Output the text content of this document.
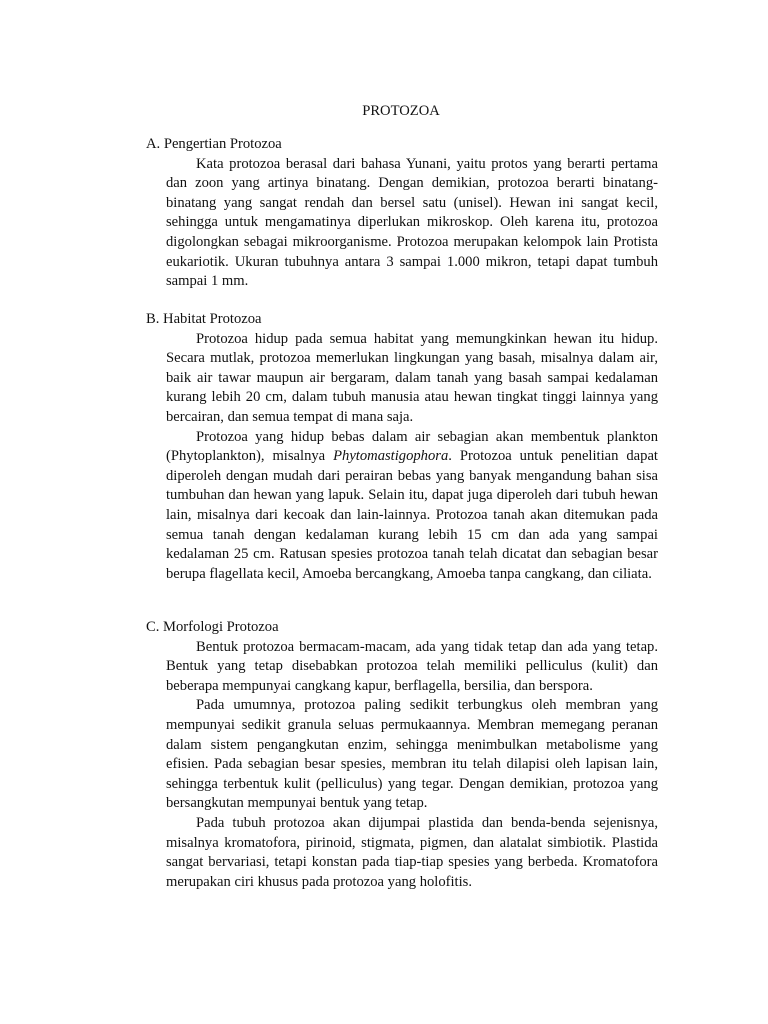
PROTOZOA

A. Pengertian Protozoa

Kata protozoa berasal dari bahasa Yunani, yaitu protos yang berarti pertama dan zoon yang artinya binatang. Dengan demikian, protozoa berarti binatang-binatang yang sangat rendah dan bersel satu (unisel). Hewan ini sangat kecil, sehingga untuk mengamatinya diperlukan mikroskop. Oleh karena itu, protozoa digolongkan sebagai mikroorganisme. Protozoa merupakan kelompok lain Protista eukariotik. Ukuran tubuhnya antara 3 sampai 1.000 mikron, tetapi dapat tumbuh sampai 1 mm.

B. Habitat Protozoa

Protozoa hidup pada semua habitat yang memungkinkan hewan itu hidup. Secara mutlak, protozoa memerlukan lingkungan yang basah, misalnya dalam air, baik air tawar maupun air bergaram, dalam tanah yang basah sampai kedalaman kurang lebih 20 cm, dalam tubuh manusia atau hewan tingkat tinggi lainnya yang bercairan, dan semua tempat di mana saja.

Protozoa yang hidup bebas dalam air sebagian akan membentuk plankton (Phytoplankton), misalnya Phytomastigophora. Protozoa untuk penelitian dapat diperoleh dengan mudah dari perairan bebas yang banyak mengandung bahan sisa tumbuhan dan hewan yang lapuk. Selain itu, dapat juga diperoleh dari tubuh hewan lain, misalnya dari kecoak dan lain-lainnya. Protozoa tanah akan ditemukan pada semua tanah dengan kedalaman kurang lebih 15 cm dan ada yang sampai kedalaman 25 cm. Ratusan spesies protozoa tanah telah dicatat dan sebagian besar berupa flagellata kecil, Amoeba bercangkang, Amoeba tanpa cangkang, dan ciliata.

C. Morfologi Protozoa

Bentuk protozoa bermacam-macam, ada yang tidak tetap dan ada yang tetap. Bentuk yang tetap disebabkan protozoa telah memiliki pelliculus (kulit) dan beberapa mempunyai cangkang kapur, berflagella, bersilia, dan berspora.

Pada umumnya, protozoa paling sedikit terbungkus oleh membran yang mempunyai sedikit granula seluas permukaannya. Membran memegang peranan dalam sistem pengangkutan enzim, sehingga menimbulkan metabolisme yang efisien. Pada sebagian besar spesies, membran itu telah dilapisi oleh lapisan lain, sehingga terbentuk kulit (pelliculus) yang tegar. Dengan demikian, protozoa yang bersangkutan mempunyai bentuk yang tetap.

Pada tubuh protozoa akan dijumpai plastida dan benda-benda sejenisnya, misalnya kromatofora, pirinoid, stigmata, pigmen, dan alatalat simbiotik. Plastida sangat bervariasi, tetapi konstan pada tiap-tiap spesies yang berbeda. Kromatofora merupakan ciri khusus pada protozoa yang holofitis.
